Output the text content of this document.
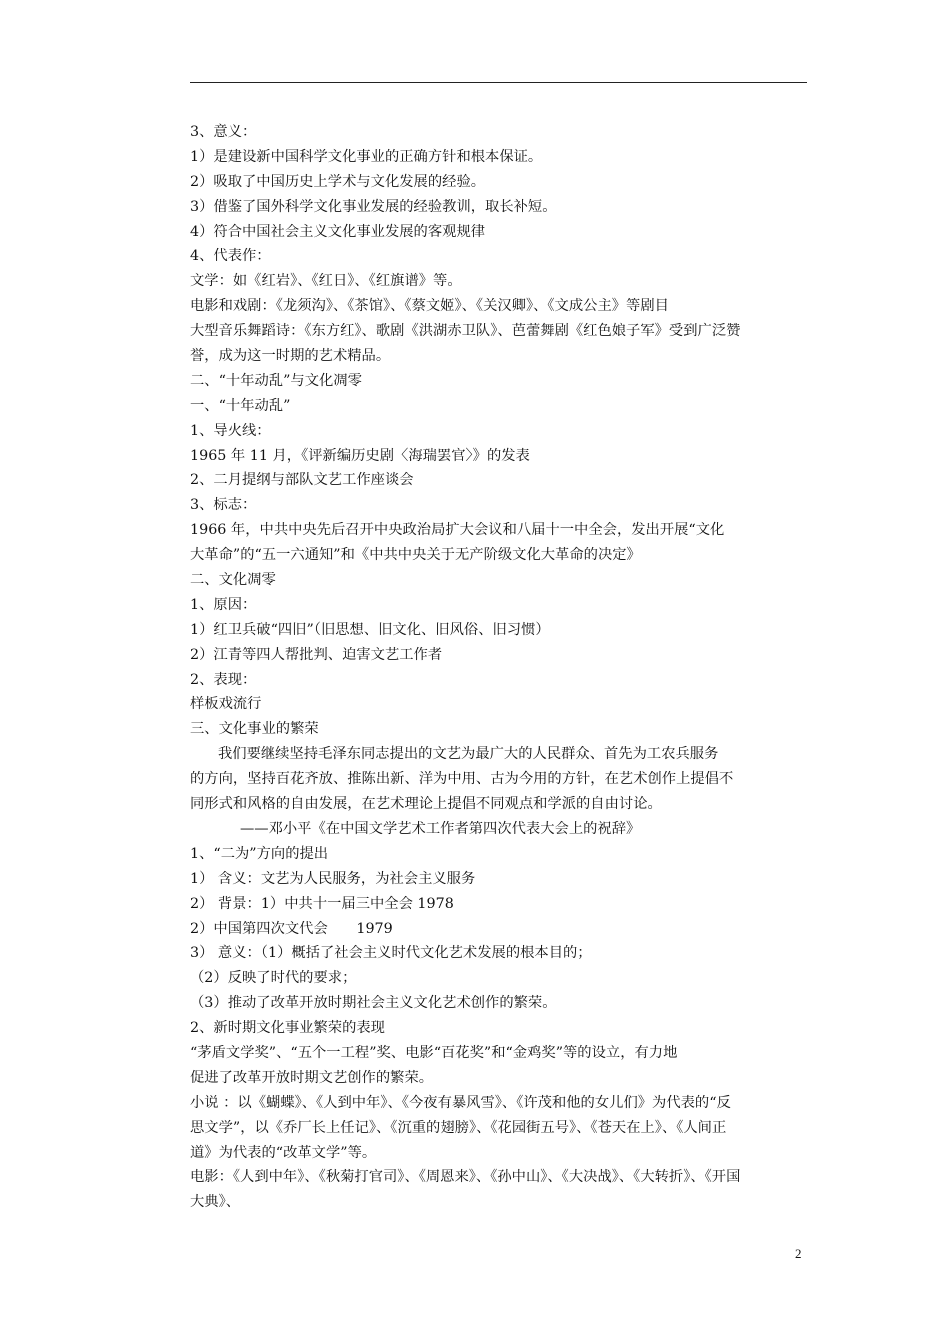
3、意义：
1）是建设新中国科学文化事业的正确方针和根本保证。
2）吸取了中国历史上学术与文化发展的经验。
3）借鉴了国外科学文化事业发展的经验教训，取长补短。
4）符合中国社会主义文化事业发展的客观规律
4、代表作：
文学：如《红岩》、《红日》、《红旗谱》等。
电影和戏剧：《龙须沟》、《茶馆》、《蔡文姬》、《关汉卿》、《文成公主》等剧目
大型音乐舞蹈诗：《东方红》、歌剧《洪湖赤卫队》、芭蕾舞剧《红色娘子军》受到广泛赞
誉，成为这一时期的艺术精品。
二、“十年动乱”与文化凋零
一、“十年动乱”
1、导火线：
1965 年 11 月，《评新编历史剧〈海瑞罢官〉》的发表
2、二月提纲与部队文艺工作座谈会
3、标志：
1966 年，中共中央先后召开中央政治局扩大会议和八届十一中全会，发出开展“文化
大革命”的“五一六通知”和《中共中央关于无产阶级文化大革命的决定》
二、文化凋零
1、原因：
1）红卫兵破“四旧”（旧思想、旧文化、旧风俗、旧习惯）
2）江青等四人帮批判、迫害文艺工作者
2、表现：
样板戏流行
三、文化事业的繁荣
我们要继续坚持毛泽东同志提出的文艺为最广大的人民群众、首先为工农兵服务
的方向，坚持百花齐放、推陈出新、洋为中用、古为今用的方针，在艺术创作上提倡不
同形式和风格的自由发展，在艺术理论上提倡不同观点和学派的自由讨论。
——邓小平《在中国文学艺术工作者第四次代表大会上的祝辞》
1、“二为”方向的提出
1） 含义：文艺为人民服务，为社会主义服务
2） 背景：1）中共十一届三中全会 1978
2）中国第四次文代会　　1979
3） 意义：（1）概括了社会主义时代文化艺术发展的根本目的；
（2）反映了时代的要求；
（3）推动了改革开放时期社会主义文化艺术创作的繁荣。
2、新时期文化事业繁荣的表现
“茅盾文学奖”、“五个一工程”奖、电影“百花奖”和“金鸡奖”等的设立，有力地
促进了改革开放时期文艺创作的繁荣。
小说 ：以《蝴蝶》、《人到中年》、《今夜有暴风雪》、《许茂和他的女儿们》为代表的“反
思文学”，以《乔厂长上任记》、《沉重的翅膀》、《花园街五号》、《苍天在上》、《人间正
道》为代表的“改革文学”等。
电影：《人到中年》、《秋菊打官司》、《周恩来》、《孙中山》、《大决战》、《大转折》、《开国
大典》、
2
